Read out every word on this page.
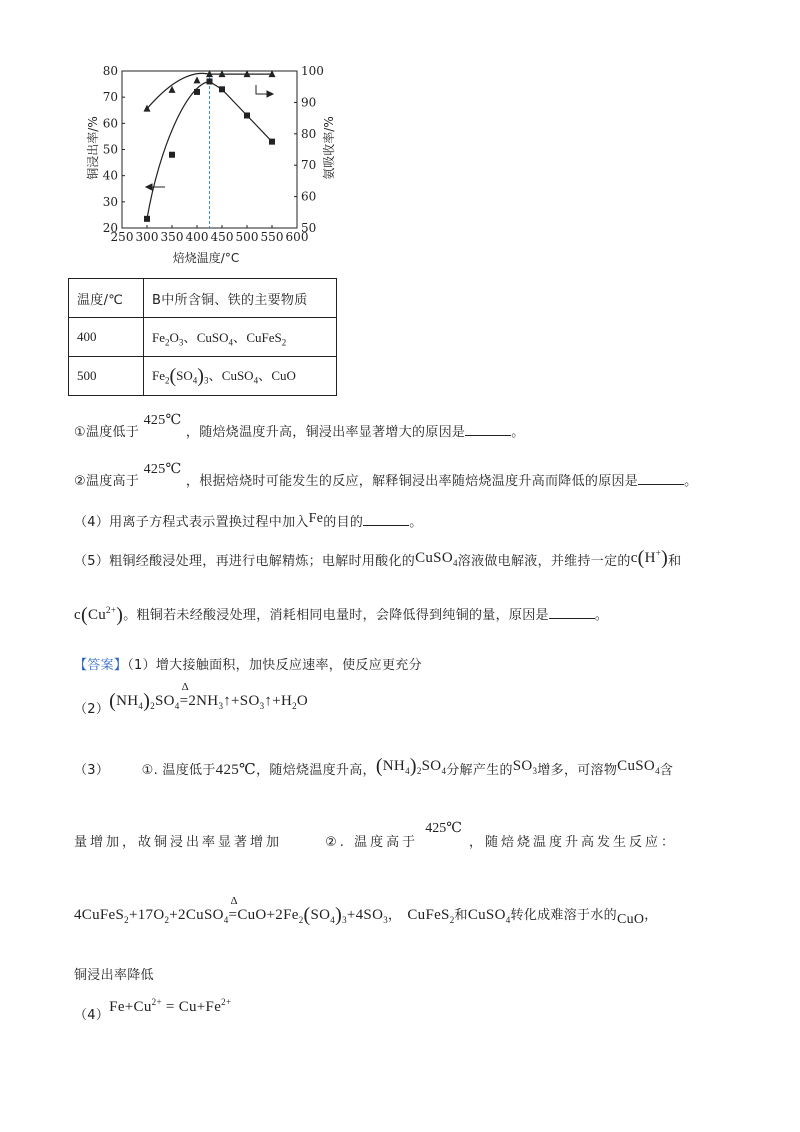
250 300 350 400 450 500 550 600
20
30
40
50
60
70
80
50
60
70
80
90
100
焙烧温度/°C
铜浸出率/%	氨吸收率/%
温度/℃	B中所含铜、铁的主要物质
400	$Fe_2O_3$、CuSO$_4$、CuFeS$_2$
500	$Fe_2(SO_4)_3$、CuSO$_4$、CuO
①温度低于 425℃ ，随焙烧温度升高，铜浸出率显著增大的原因是	。
②温度高于 425℃ ，根据焙烧时可能发生的反应，解释铜浸出率随焙烧温度升高而降低的原因是	。
（4）用离子方程式表示置换过程中加入Fe的目的	。
（5）粗铜经酸浸处理，再进行电解精炼；电解时用酸化的CuSO$_4$溶液做电解液，并维持一定的c(H+)和
$c(Cu^{2+})$。粗铜若未经酸浸处理，消耗相同电量时，会降低得到纯铜的量，原因是	。
【答案】（1）增大接触面积，加快反应速率，使反应更充分
$(2)(NH_4)_2SO_4$
Δ
$=2NH_3↑+SO_3↑+H_2O$
（3） ①. 温度低于425℃，随焙烧温度升高，$(NH_4)_2SO_4$分解产生的$SO_3$增多，可溶物CuSO$_4$含
量增加，故铜浸出率显著增加	②. 温度高于 425℃ ，随焙烧温度升高发生反应：
$4CuFeS_2+17O_2+2CuSO_4$
Δ
$=CuO+2Fe_2(SO_4)_3+4SO_3$， CuFeS$_2$和CuSO$_4$转化成难溶于水的CuO，
铜浸出率降低
$(4)Fe+Cu^{2+} = Cu+Fe^{2+}$
